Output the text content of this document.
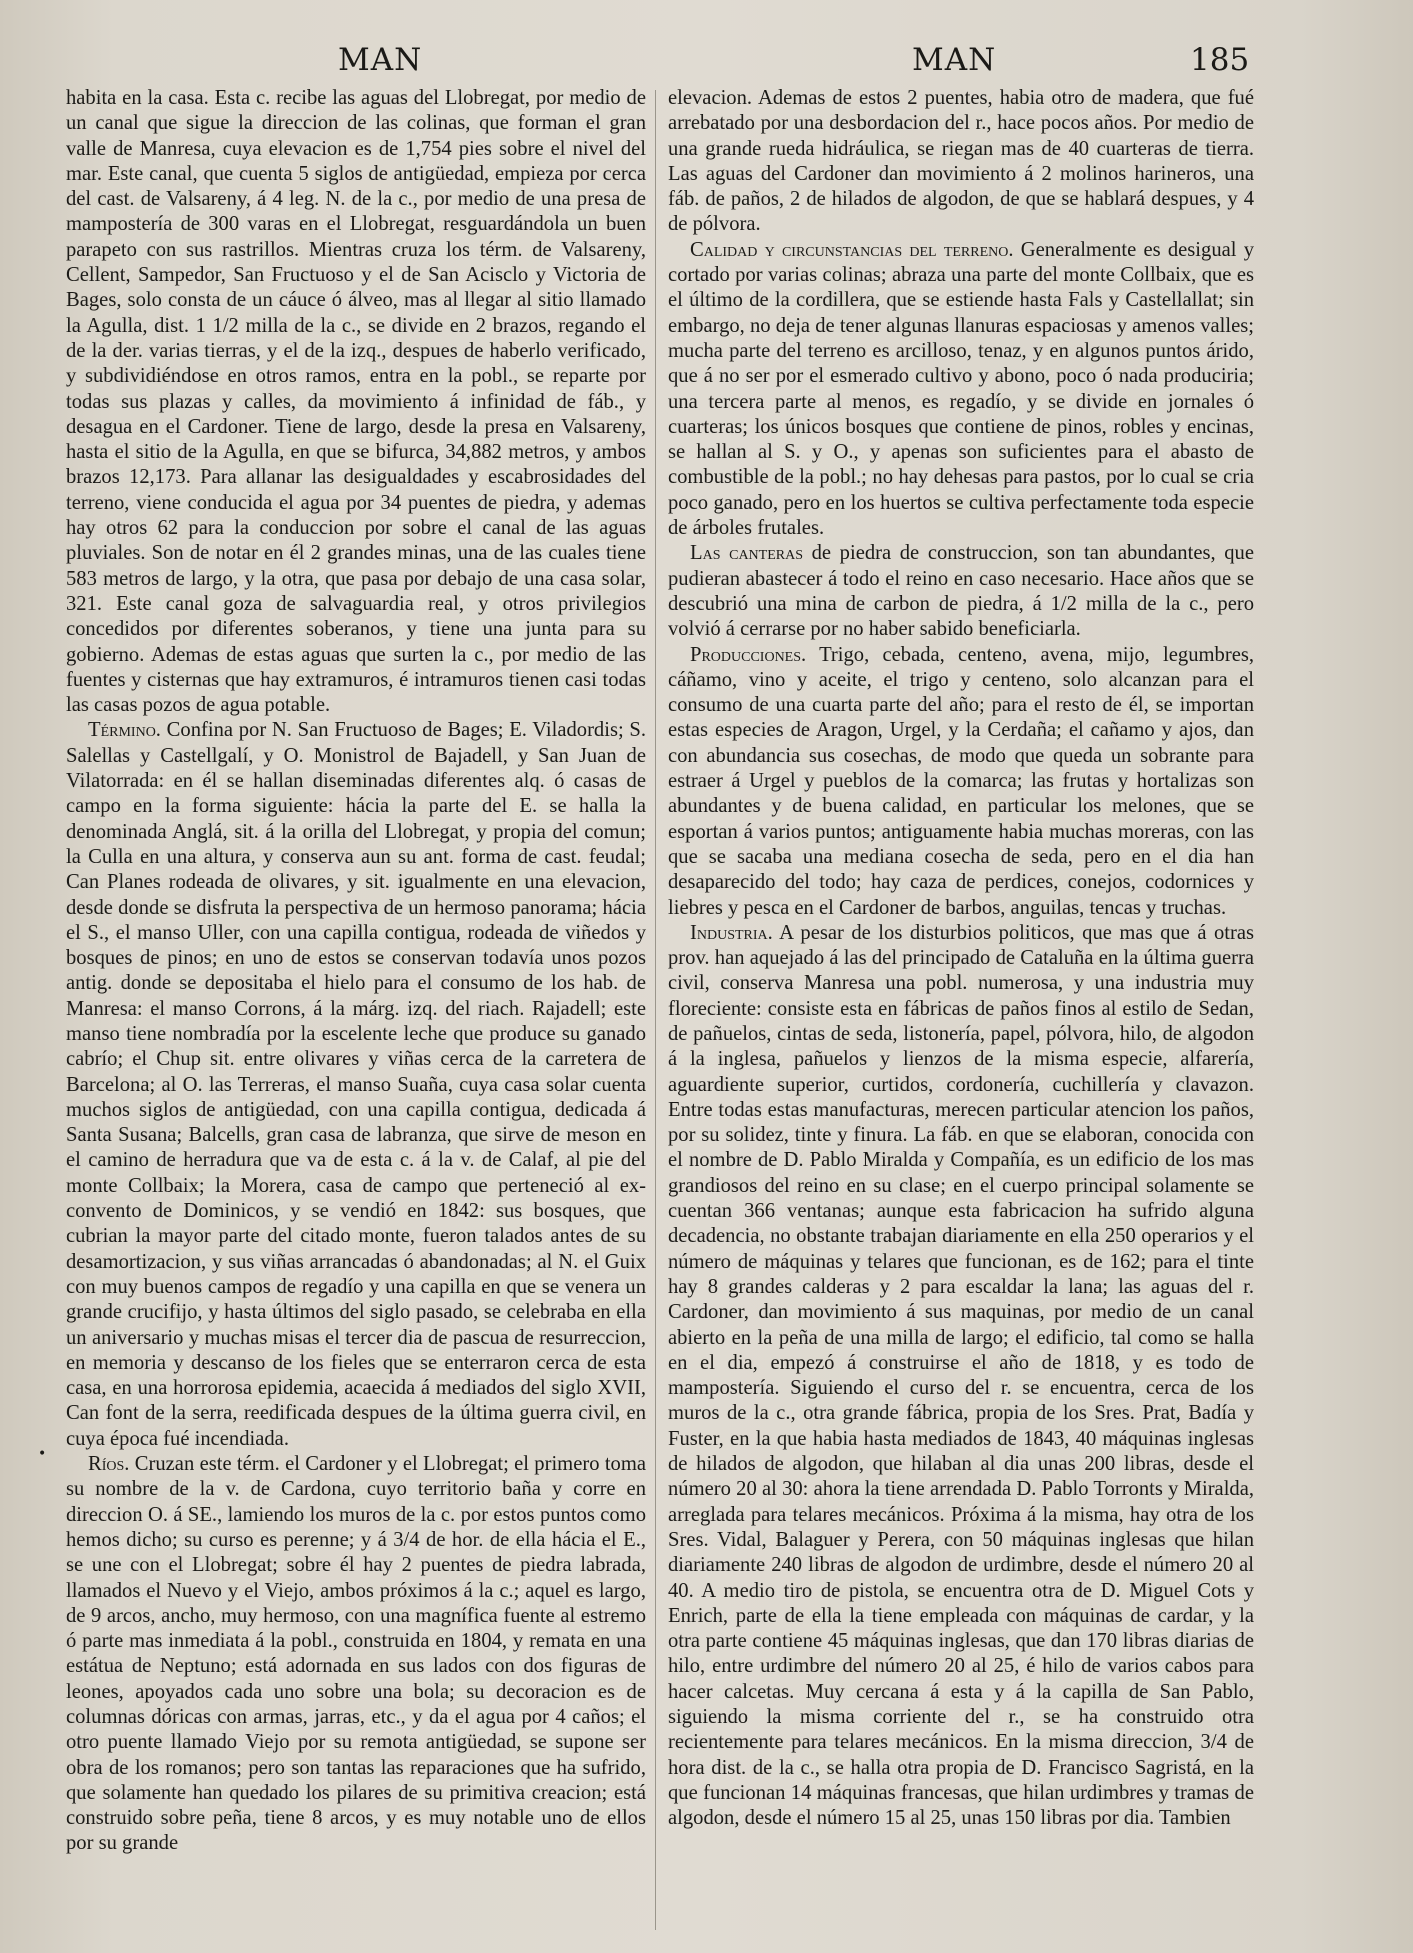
MAN	MAN	185
•

habita en la casa. Esta c. recibe las aguas del Llobregat, por medio de un canal que sigue la direccion de las colinas, que forman el gran valle de Manresa, cuya elevacion es de 1,754 pies sobre el nivel del mar. Este canal, que cuenta 5 siglos de antigüedad, empieza por cerca del cast. de Valsareny, á 4 leg. N. de la c., por medio de una presa de mampostería de 300 varas en el Llobregat, resguardándola un buen parapeto con sus rastrillos. Mientras cruza los térm. de Valsareny, Cellent, Sampedor, San Fructuoso y el de San Acisclo y Victoria de Bages, solo consta de un cáuce ó álveo, mas al llegar al sitio llamado la Agulla, dist. 1 1/2 milla de la c., se divide en 2 brazos, regando el de la der. varias tierras, y el de la izq., despues de haberlo verificado, y subdividiéndose en otros ramos, entra en la pobl., se reparte por todas sus plazas y calles, da movimiento á infinidad de fáb., y desagua en el Cardoner. Tiene de largo, desde la presa en Valsareny, hasta el sitio de la Agulla, en que se bifurca, 34,882 metros, y ambos brazos 12,173. Para allanar las desigualdades y escabrosidades del terreno, viene conducida el agua por 34 puentes de piedra, y ademas hay otros 62 para la conduccion por sobre el canal de las aguas pluviales. Son de notar en él 2 grandes minas, una de las cuales tiene 583 metros de largo, y la otra, que pasa por debajo de una casa solar, 321. Este canal goza de salvaguardia real, y otros privilegios concedidos por diferentes soberanos, y tiene una junta para su gobierno. Ademas de estas aguas que surten la c., por medio de las fuentes y cisternas que hay extramuros, é intramuros tienen casi todas las casas pozos de agua potable.

Término. Confina por N. San Fructuoso de Bages; E. Viladordis; S. Salellas y Castellgalí, y O. Monistrol de Bajadell, y San Juan de Vilatorrada: en él se hallan diseminadas diferentes alq. ó casas de campo en la forma siguiente: hácia la parte del E. se halla la denominada Anglá, sit. á la orilla del Llobregat, y propia del comun; la Culla en una altura, y conserva aun su ant. forma de cast. feudal; Can Planes rodeada de olivares, y sit. igualmente en una elevacion, desde donde se disfruta la perspectiva de un hermoso panorama; hácia el S., el manso Uller, con una capilla contigua, rodeada de viñedos y bosques de pinos; en uno de estos se conservan todavía unos pozos antig. donde se depositaba el hielo para el consumo de los hab. de Manresa: el manso Corrons, á la márg. izq. del riach. Rajadell; este manso tiene nombradía por la escelente leche que produce su ganado cabrío; el Chup sit. entre olivares y viñas cerca de la carretera de Barcelona; al O. las Terreras, el manso Suaña, cuya casa solar cuenta muchos siglos de antigüedad, con una capilla contigua, dedicada á Santa Susana; Balcells, gran casa de labranza, que sirve de meson en el camino de herradura que va de esta c. á la v. de Calaf, al pie del monte Collbaix; la Morera, casa de campo que perteneció al ex-convento de Dominicos, y se vendió en 1842: sus bosques, que cubrian la mayor parte del citado monte, fueron talados antes de su desamortizacion, y sus viñas arrancadas ó abandonadas; al N. el Guix con muy buenos campos de regadío y una capilla en que se venera un grande crucifijo, y hasta últimos del siglo pasado, se celebraba en ella un aniversario y muchas misas el tercer dia de pascua de resurreccion, en memoria y descanso de los fieles que se enterraron cerca de esta casa, en una horrorosa epidemia, acaecida á mediados del siglo XVII, Can font de la serra, reedificada despues de la última guerra civil, en cuya época fué incendiada.

Ríos. Cruzan este térm. el Cardoner y el Llobregat; el primero toma su nombre de la v. de Cardona, cuyo territorio baña y corre en direccion O. á SE., lamiendo los muros de la c. por estos puntos como hemos dicho; su curso es perenne; y á 3/4 de hor. de ella hácia el E., se une con el Llobregat; sobre él hay 2 puentes de piedra labrada, llamados el Nuevo y el Viejo, ambos próximos á la c.; aquel es largo, de 9 arcos, ancho, muy hermoso, con una magnífica fuente al estremo ó parte mas inmediata á la pobl., construida en 1804, y remata en una estátua de Neptuno; está adornada en sus lados con dos figuras de leones, apoyados cada uno sobre una bola; su decoracion es de columnas dóricas con armas, jarras, etc., y da el agua por 4 caños; el otro puente llamado Viejo por su remota antigüedad, se supone ser obra de los romanos; pero son tantas las reparaciones que ha sufrido, que solamente han quedado los pilares de su primitiva creacion; está construido sobre peña, tiene 8 arcos, y es muy notable uno de ellos por su grande

elevacion. Ademas de estos 2 puentes, habia otro de madera, que fué arrebatado por una desbordacion del r., hace pocos años. Por medio de una grande rueda hidráulica, se riegan mas de 40 cuarteras de tierra. Las aguas del Cardoner dan movimiento á 2 molinos harineros, una fáb. de paños, 2 de hilados de algodon, de que se hablará despues, y 4 de pólvora.

Calidad y circunstancias del terreno. Generalmente es desigual y cortado por varias colinas; abraza una parte del monte Collbaix, que es el último de la cordillera, que se estiende hasta Fals y Castellallat; sin embargo, no deja de tener algunas llanuras espaciosas y amenos valles; mucha parte del terreno es arcilloso, tenaz, y en algunos puntos árido, que á no ser por el esmerado cultivo y abono, poco ó nada produciria; una tercera parte al menos, es regadío, y se divide en jornales ó cuarteras; los únicos bosques que contiene de pinos, robles y encinas, se hallan al S. y O., y apenas son suficientes para el abasto de combustible de la pobl.; no hay dehesas para pastos, por lo cual se cria poco ganado, pero en los huertos se cultiva perfectamente toda especie de árboles frutales.

Las canteras de piedra de construccion, son tan abundantes, que pudieran abastecer á todo el reino en caso necesario. Hace años que se descubrió una mina de carbon de piedra, á 1/2 milla de la c., pero volvió á cerrarse por no haber sabido beneficiarla.

Producciones. Trigo, cebada, centeno, avena, mijo, legumbres, cáñamo, vino y aceite, el trigo y centeno, solo alcanzan para el consumo de una cuarta parte del año; para el resto de él, se importan estas especies de Aragon, Urgel, y la Cerdaña; el cañamo y ajos, dan con abundancia sus cosechas, de modo que queda un sobrante para estraer á Urgel y pueblos de la comarca; las frutas y hortalizas son abundantes y de buena calidad, en particular los melones, que se esportan á varios puntos; antiguamente habia muchas moreras, con las que se sacaba una mediana cosecha de seda, pero en el dia han desaparecido del todo; hay caza de perdices, conejos, codornices y liebres y pesca en el Cardoner de barbos, anguilas, tencas y truchas.

Industria. A pesar de los disturbios politicos, que mas que á otras prov. han aquejado á las del principado de Cataluña en la última guerra civil, conserva Manresa una pobl. numerosa, y una industria muy floreciente: consiste esta en fábricas de paños finos al estilo de Sedan, de pañuelos, cintas de seda, listonería, papel, pólvora, hilo, de algodon á la inglesa, pañuelos y lienzos de la misma especie, alfarería, aguardiente superior, curtidos, cordonería, cuchillería y clavazon. Entre todas estas manufacturas, merecen particular atencion los paños, por su solidez, tinte y finura. La fáb. en que se elaboran, conocida con el nombre de D. Pablo Miralda y Compañía, es un edificio de los mas grandiosos del reino en su clase; en el cuerpo principal solamente se cuentan 366 ventanas; aunque esta fabricacion ha sufrido alguna decadencia, no obstante trabajan diariamente en ella 250 operarios y el número de máquinas y telares que funcionan, es de 162; para el tinte hay 8 grandes calderas y 2 para escaldar la lana; las aguas del r. Cardoner, dan movimiento á sus maquinas, por medio de un canal abierto en la peña de una milla de largo; el edificio, tal como se halla en el dia, empezó á construirse el año de 1818, y es todo de mampostería. Siguiendo el curso del r. se encuentra, cerca de los muros de la c., otra grande fábrica, propia de los Sres. Prat, Badía y Fuster, en la que habia hasta mediados de 1843, 40 máquinas inglesas de hilados de algodon, que hilaban al dia unas 200 libras, desde el número 20 al 30: ahora la tiene arrendada D. Pablo Torronts y Miralda, arreglada para telares mecánicos. Próxima á la misma, hay otra de los Sres. Vidal, Balaguer y Perera, con 50 máquinas inglesas que hilan diariamente 240 libras de algodon de urdimbre, desde el número 20 al 40. A medio tiro de pistola, se encuentra otra de D. Miguel Cots y Enrich, parte de ella la tiene empleada con máquinas de cardar, y la otra parte contiene 45 máquinas inglesas, que dan 170 libras diarias de hilo, entre urdimbre del número 20 al 25, é hilo de varios cabos para hacer calcetas. Muy cercana á esta y á la capilla de San Pablo, siguiendo la misma corriente del r., se ha construido otra recientemente para telares mecánicos. En la misma direccion, 3/4 de hora dist. de la c., se halla otra propia de D. Francisco Sagristá, en la que funcionan 14 máquinas francesas, que hilan urdimbres y tramas de algodon, desde el número 15 al 25, unas 150 libras por dia. Tambien
